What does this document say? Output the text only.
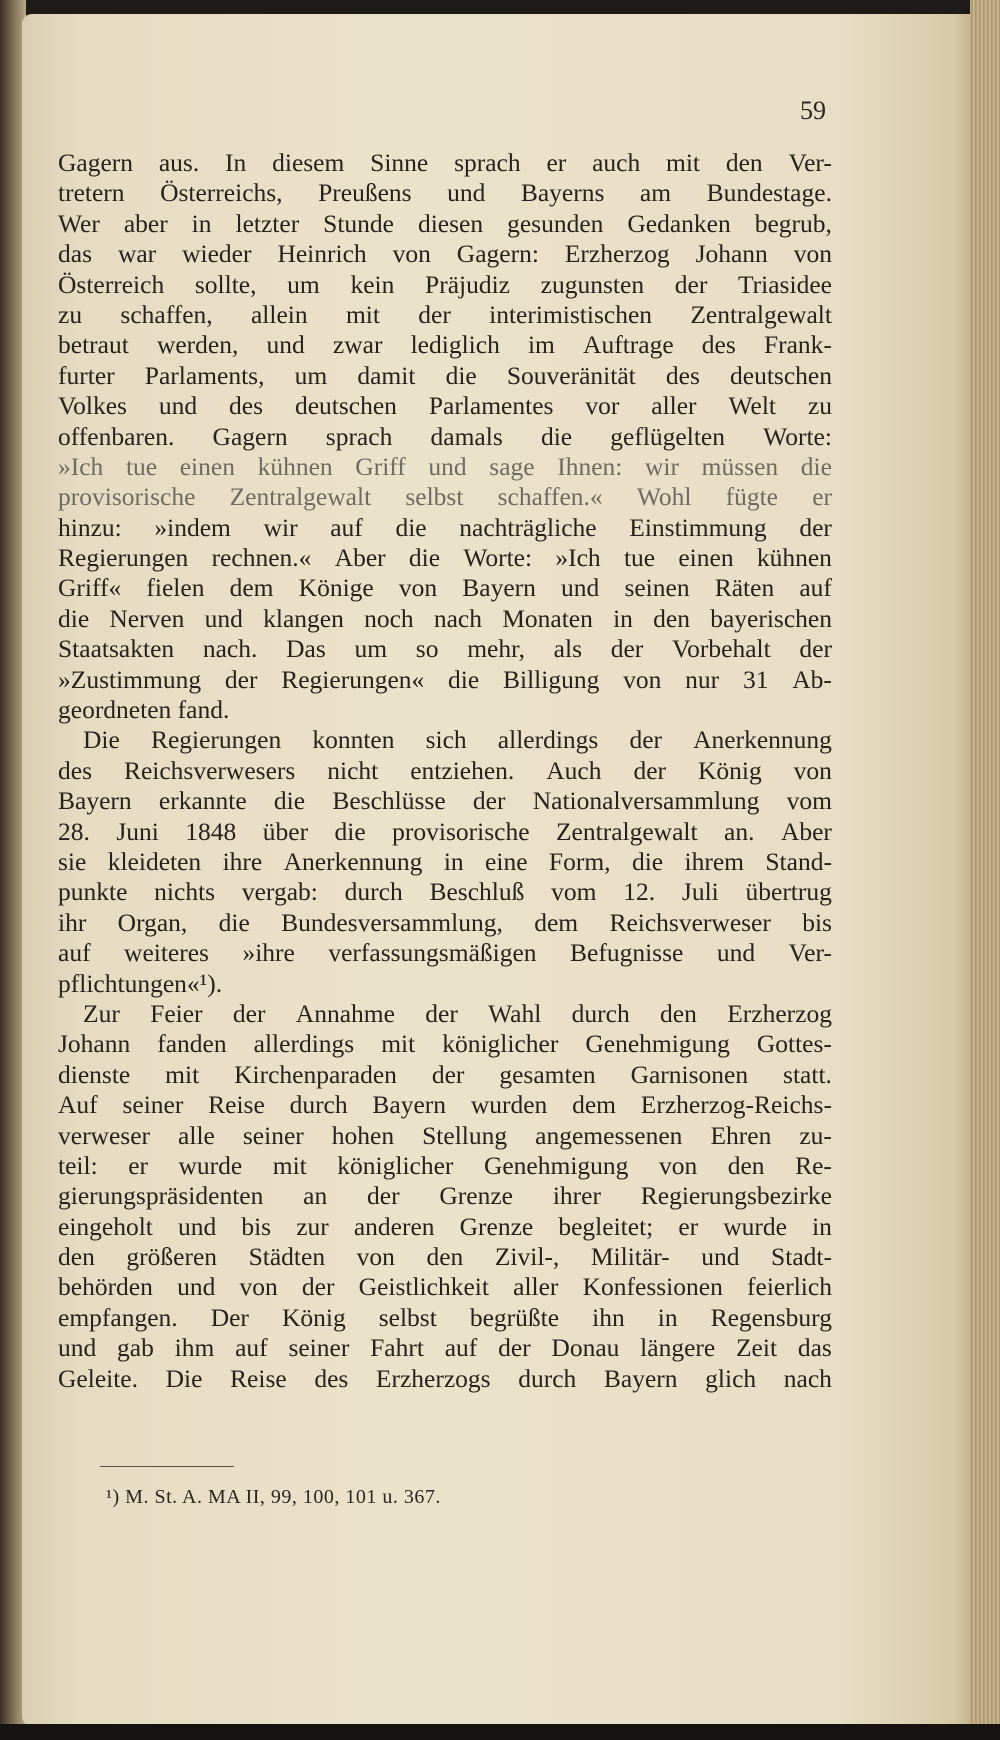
59
Gagern aus. In diesem Sinne sprach er auch mit den Ver-
tretern Österreichs, Preußens und Bayerns am Bundestage.
Wer aber in letzter Stunde diesen gesunden Gedanken begrub,
das war wieder Heinrich von Gagern: Erzherzog Johann von
Österreich sollte, um kein Präjudiz zugunsten der Triasidee
zu schaffen, allein mit der interimistischen Zentralgewalt
betraut werden, und zwar lediglich im Auftrage des Frank-
furter Parlaments, um damit die Souveränität des deutschen
Volkes und des deutschen Parlamentes vor aller Welt zu
offenbaren. Gagern sprach damals die geflügelten Worte:
»Ich tue einen kühnen Griff und sage Ihnen: wir müssen die
provisorische Zentralgewalt selbst schaffen.« Wohl fügte er
hinzu: »indem wir auf die nachträgliche Einstimmung der
Regierungen rechnen.« Aber die Worte: »Ich tue einen kühnen
Griff« fielen dem Könige von Bayern und seinen Räten auf
die Nerven und klangen noch nach Monaten in den bayerischen
Staatsakten nach. Das um so mehr, als der Vorbehalt der
»Zustimmung der Regierungen« die Billigung von nur 31 Ab-
geordneten fand.
Die Regierungen konnten sich allerdings der Anerkennung
des Reichsverwesers nicht entziehen. Auch der König von
Bayern erkannte die Beschlüsse der Nationalversammlung vom
28. Juni 1848 über die provisorische Zentralgewalt an. Aber
sie kleideten ihre Anerkennung in eine Form, die ihrem Stand-
punkte nichts vergab: durch Beschluß vom 12. Juli übertrug
ihr Organ, die Bundesversammlung, dem Reichsverweser bis
auf weiteres »ihre verfassungsmäßigen Befugnisse und Ver-
pflichtungen«¹).
Zur Feier der Annahme der Wahl durch den Erzherzog
Johann fanden allerdings mit königlicher Genehmigung Gottes-
dienste mit Kirchenparaden der gesamten Garnisonen statt.
Auf seiner Reise durch Bayern wurden dem Erzherzog-Reichs-
verweser alle seiner hohen Stellung angemessenen Ehren zu-
teil: er wurde mit königlicher Genehmigung von den Re-
gierungspräsidenten an der Grenze ihrer Regierungsbezirke
eingeholt und bis zur anderen Grenze begleitet; er wurde in
den größeren Städten von den Zivil-, Militär- und Stadt-
behörden und von der Geistlichkeit aller Konfessionen feierlich
empfangen. Der König selbst begrüßte ihn in Regensburg
und gab ihm auf seiner Fahrt auf der Donau längere Zeit das
Geleite. Die Reise des Erzherzogs durch Bayern glich nach
¹) M. St. A. MA II, 99, 100, 101 u. 367.
